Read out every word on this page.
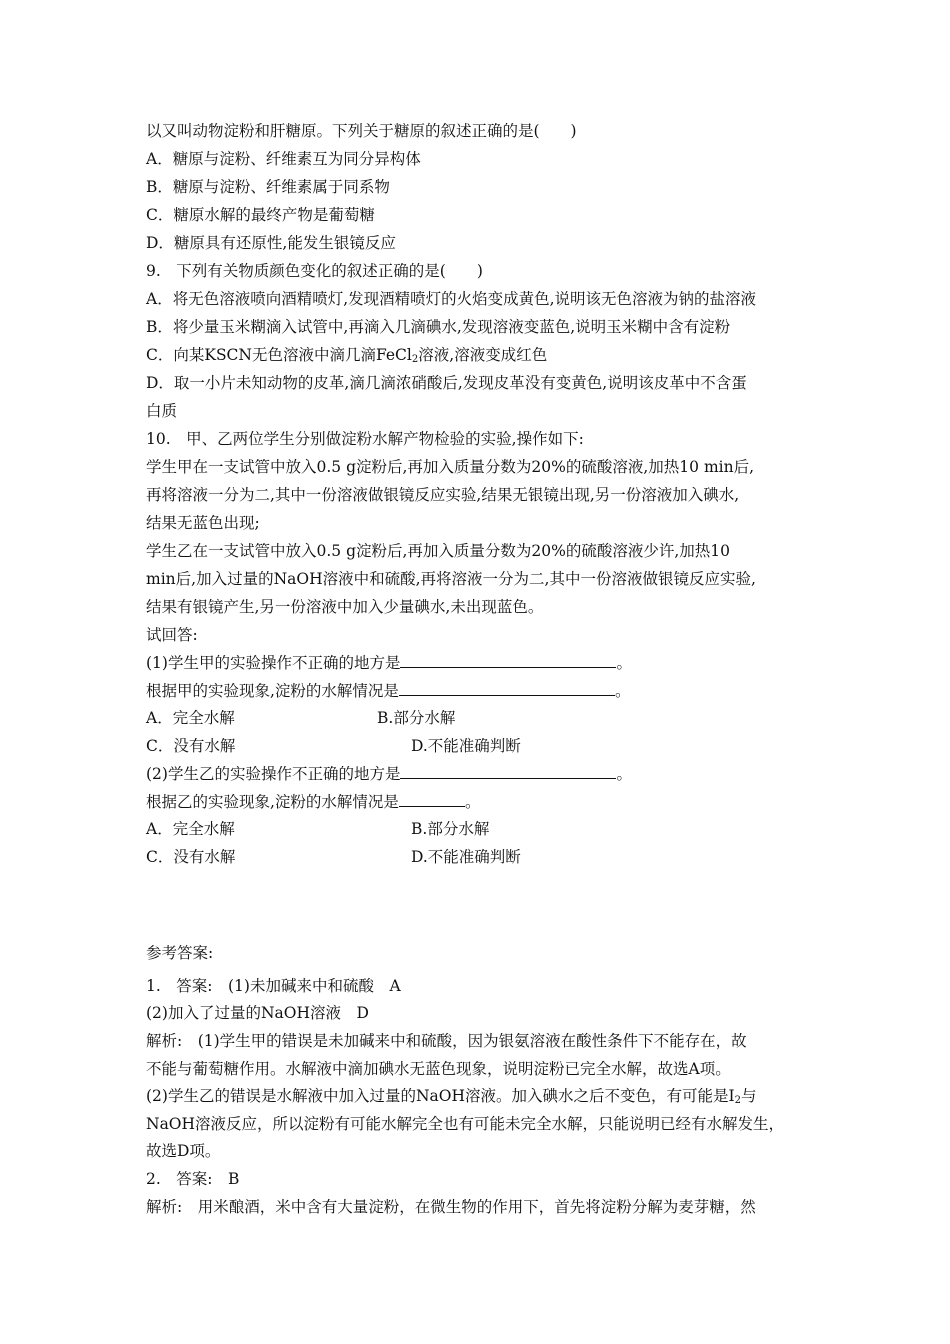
以又叫动物淀粉和肝糖原。下列关于糖原的叙述正确的是(　　)
A．糖原与淀粉、纤维素互为同分异构体
B．糖原与淀粉、纤维素属于同系物
C．糖原水解的最终产物是葡萄糖
D．糖原具有还原性,能发生银镜反应
9.　下列有关物质颜色变化的叙述正确的是(　　)
A．将无色溶液喷向酒精喷灯,发现酒精喷灯的火焰变成黄色,说明该无色溶液为钠的盐溶液
B．将少量玉米糊滴入试管中,再滴入几滴碘水,发现溶液变蓝色,说明玉米糊中含有淀粉
C．向某KSCN无色溶液中滴几滴FeCl$_2$溶液,溶液变成红色
D．取一小片未知动物的皮革,滴几滴浓硝酸后,发现皮革没有变黄色,说明该皮革中不含蛋
白质
10.　甲、乙两位学生分别做淀粉水解产物检验的实验,操作如下:
学生甲在一支试管中放入0.5 g淀粉后,再加入质量分数为20%的硫酸溶液,加热10 min后,
再将溶液一分为二,其中一份溶液做银镜反应实验,结果无银镜出现,另一份溶液加入碘水,
结果无蓝色出现;
学生乙在一支试管中放入0.5 g淀粉后,再加入质量分数为20%的硫酸溶液少许,加热10
min后,加入过量的NaOH溶液中和硫酸,再将溶液一分为二,其中一份溶液做银镜反应实验,
结果有银镜产生,另一份溶液中加入少量碘水,未出现蓝色。
试回答:
(1)学生甲的实验操作不正确的地方是	。
根据甲的实验现象,淀粉的水解情况是	。
A．完全水解	B.部分水解
C．没有水解	D.不能准确判断
(2)学生乙的实验操作不正确的地方是	。
根据乙的实验现象,淀粉的水解情况是	。
A．完全水解	B.部分水解
C．没有水解	D.不能准确判断
参考答案:
1.　答案:　(1)未加碱来中和硫酸　A
(2)加入了过量的NaOH溶液　D
解析:　(1)学生甲的错误是未加碱来中和硫酸，因为银氨溶液在酸性条件下不能存在，故
不能与葡萄糖作用。水解液中滴加碘水无蓝色现象，说明淀粉已完全水解，故选A项。
(2)学生乙的错误是水解液中加入过量的NaOH溶液。加入碘水之后不变色，有可能是$I_2$与
NaOH溶液反应，所以淀粉有可能水解完全也有可能未完全水解，只能说明已经有水解发生，
故选D项。
2.　答案:　B
解析:　用米酿酒，米中含有大量淀粉，在微生物的作用下，首先将淀粉分解为麦芽糖，然
